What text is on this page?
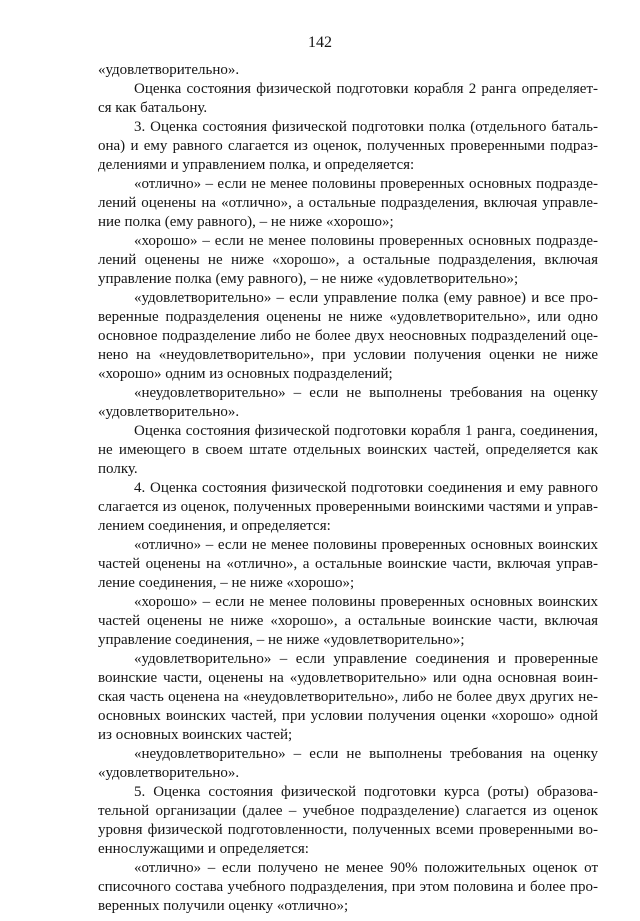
142
«удовлетворительно».
Оценка состояния физической подготовки корабля 2 ранга определяет-
ся как батальону.
3. Оценка состояния физической подготовки полка (отдельного баталь-
она) и ему равного слагается из оценок, полученных проверенными подраз-
делениями и управлением полка, и определяется:
«отлично» – если не менее половины проверенных основных подразде-
лений оценены на «отлично», а остальные подразделения, включая управле-
ние полка (ему равного), – не ниже «хорошо»;
«хорошо» – если не менее половины проверенных основных подразде-
лений оценены не ниже «хорошо», а остальные подразделения, включая
управление полка (ему равного), – не ниже «удовлетворительно»;
«удовлетворительно» – если управление полка (ему равное) и все про-
веренные подразделения оценены не ниже «удовлетворительно», или одно
основное подразделение либо не более двух неосновных подразделений оце-
нено на «неудовлетворительно», при условии получения оценки не ниже
«хорошо» одним из основных подразделений;
«неудовлетворительно» – если не выполнены требования на оценку
«удовлетворительно».
Оценка состояния физической подготовки корабля 1 ранга, соединения,
не имеющего в своем штате отдельных воинских частей, определяется как
полку.
4. Оценка состояния физической подготовки соединения и ему равного
слагается из оценок, полученных проверенными воинскими частями и управ-
лением соединения, и определяется:
«отлично» – если не менее половины проверенных основных воинских
частей оценены на «отлично», а остальные воинские части, включая управ-
ление соединения, – не ниже «хорошо»;
«хорошо» – если не менее половины проверенных основных воинских
частей оценены не ниже «хорошо», а остальные воинские части, включая
управление соединения, – не ниже «удовлетворительно»;
«удовлетворительно» – если управление соединения и проверенные
воинские части, оценены на «удовлетворительно» или одна основная воин-
ская часть оценена на «неудовлетворительно», либо не более двух других не-
основных воинских частей, при условии получения оценки «хорошо» одной
из основных воинских частей;
«неудовлетворительно» – если не выполнены требования на оценку
«удовлетворительно».
5. Оценка состояния физической подготовки курса (роты) образова-
тельной организации (далее – учебное подразделение) слагается из оценок
уровня физической подготовленности, полученных всеми проверенными во-
еннослужащими и определяется:
«отлично» – если получено не менее 90% положительных оценок от
списочного состава учебного подразделения, при этом половина и более про-
веренных получили оценку «отлично»;
